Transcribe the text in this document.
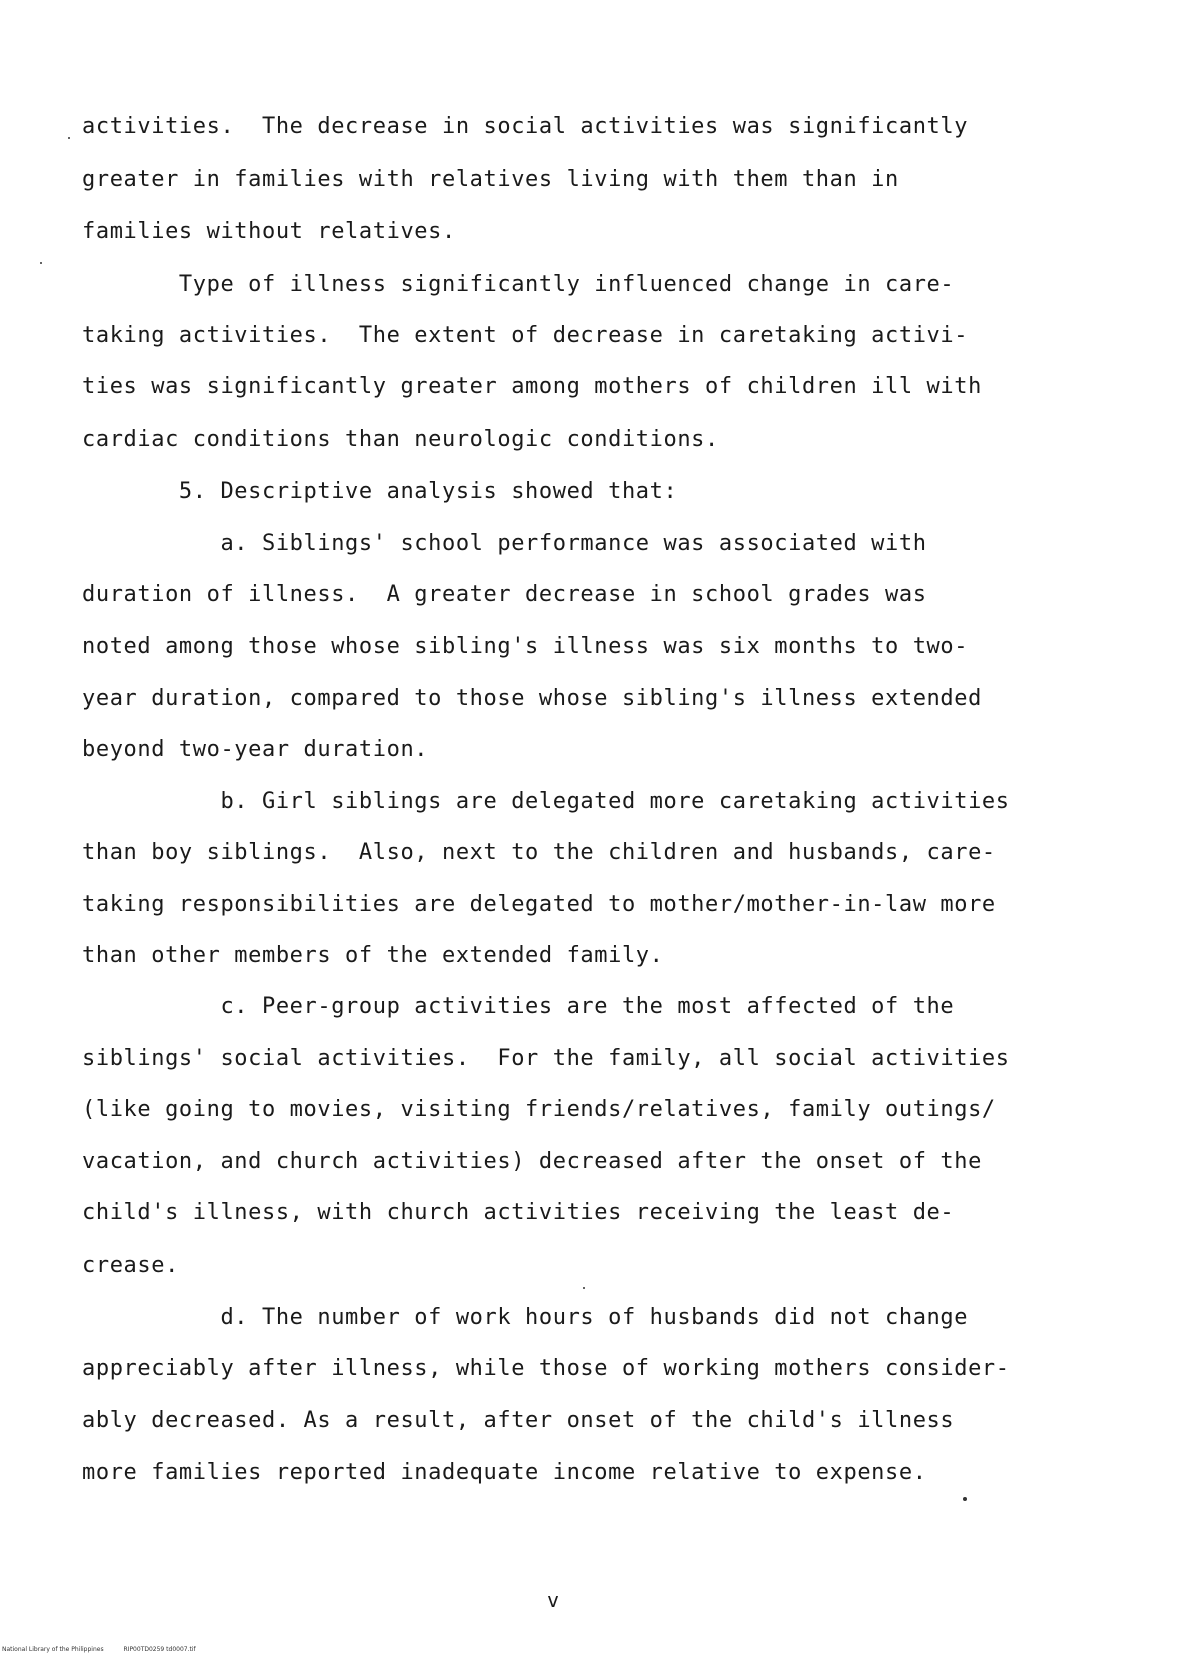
activities.  The decrease in social activities was significantly
greater in families with relatives living with them than in
families without relatives.
Type of illness significantly influenced change in care-
taking activities.  The extent of decrease in caretaking activi-
ties was significantly greater among mothers of children ill with
cardiac conditions than neurologic conditions.
5. Descriptive analysis showed that:
a. Siblings' school performance was associated with
duration of illness.  A greater decrease in school grades was
noted among those whose sibling's illness was six months to two-
year duration, compared to those whose sibling's illness extended
beyond two-year duration.
b. Girl siblings are delegated more caretaking activities
than boy siblings.  Also, next to the children and husbands, care-
taking responsibilities are delegated to mother/mother-in-law more
than other members of the extended family.
c. Peer-group activities are the most affected of the
siblings' social activities.  For the family, all social activities
(like going to movies, visiting friends/relatives, family outings/
vacation, and church activities) decreased after the onset of the
child's illness, with church activities receiving the least de-
crease.
d. The number of work hours of husbands did not change
appreciably after illness, while those of working mothers consider-
ably decreased. As a result, after onset of the child's illness
more families reported inadequate income relative to expense.
v
National Library of the Philippines	RIP00TD0259 td0007.tif
